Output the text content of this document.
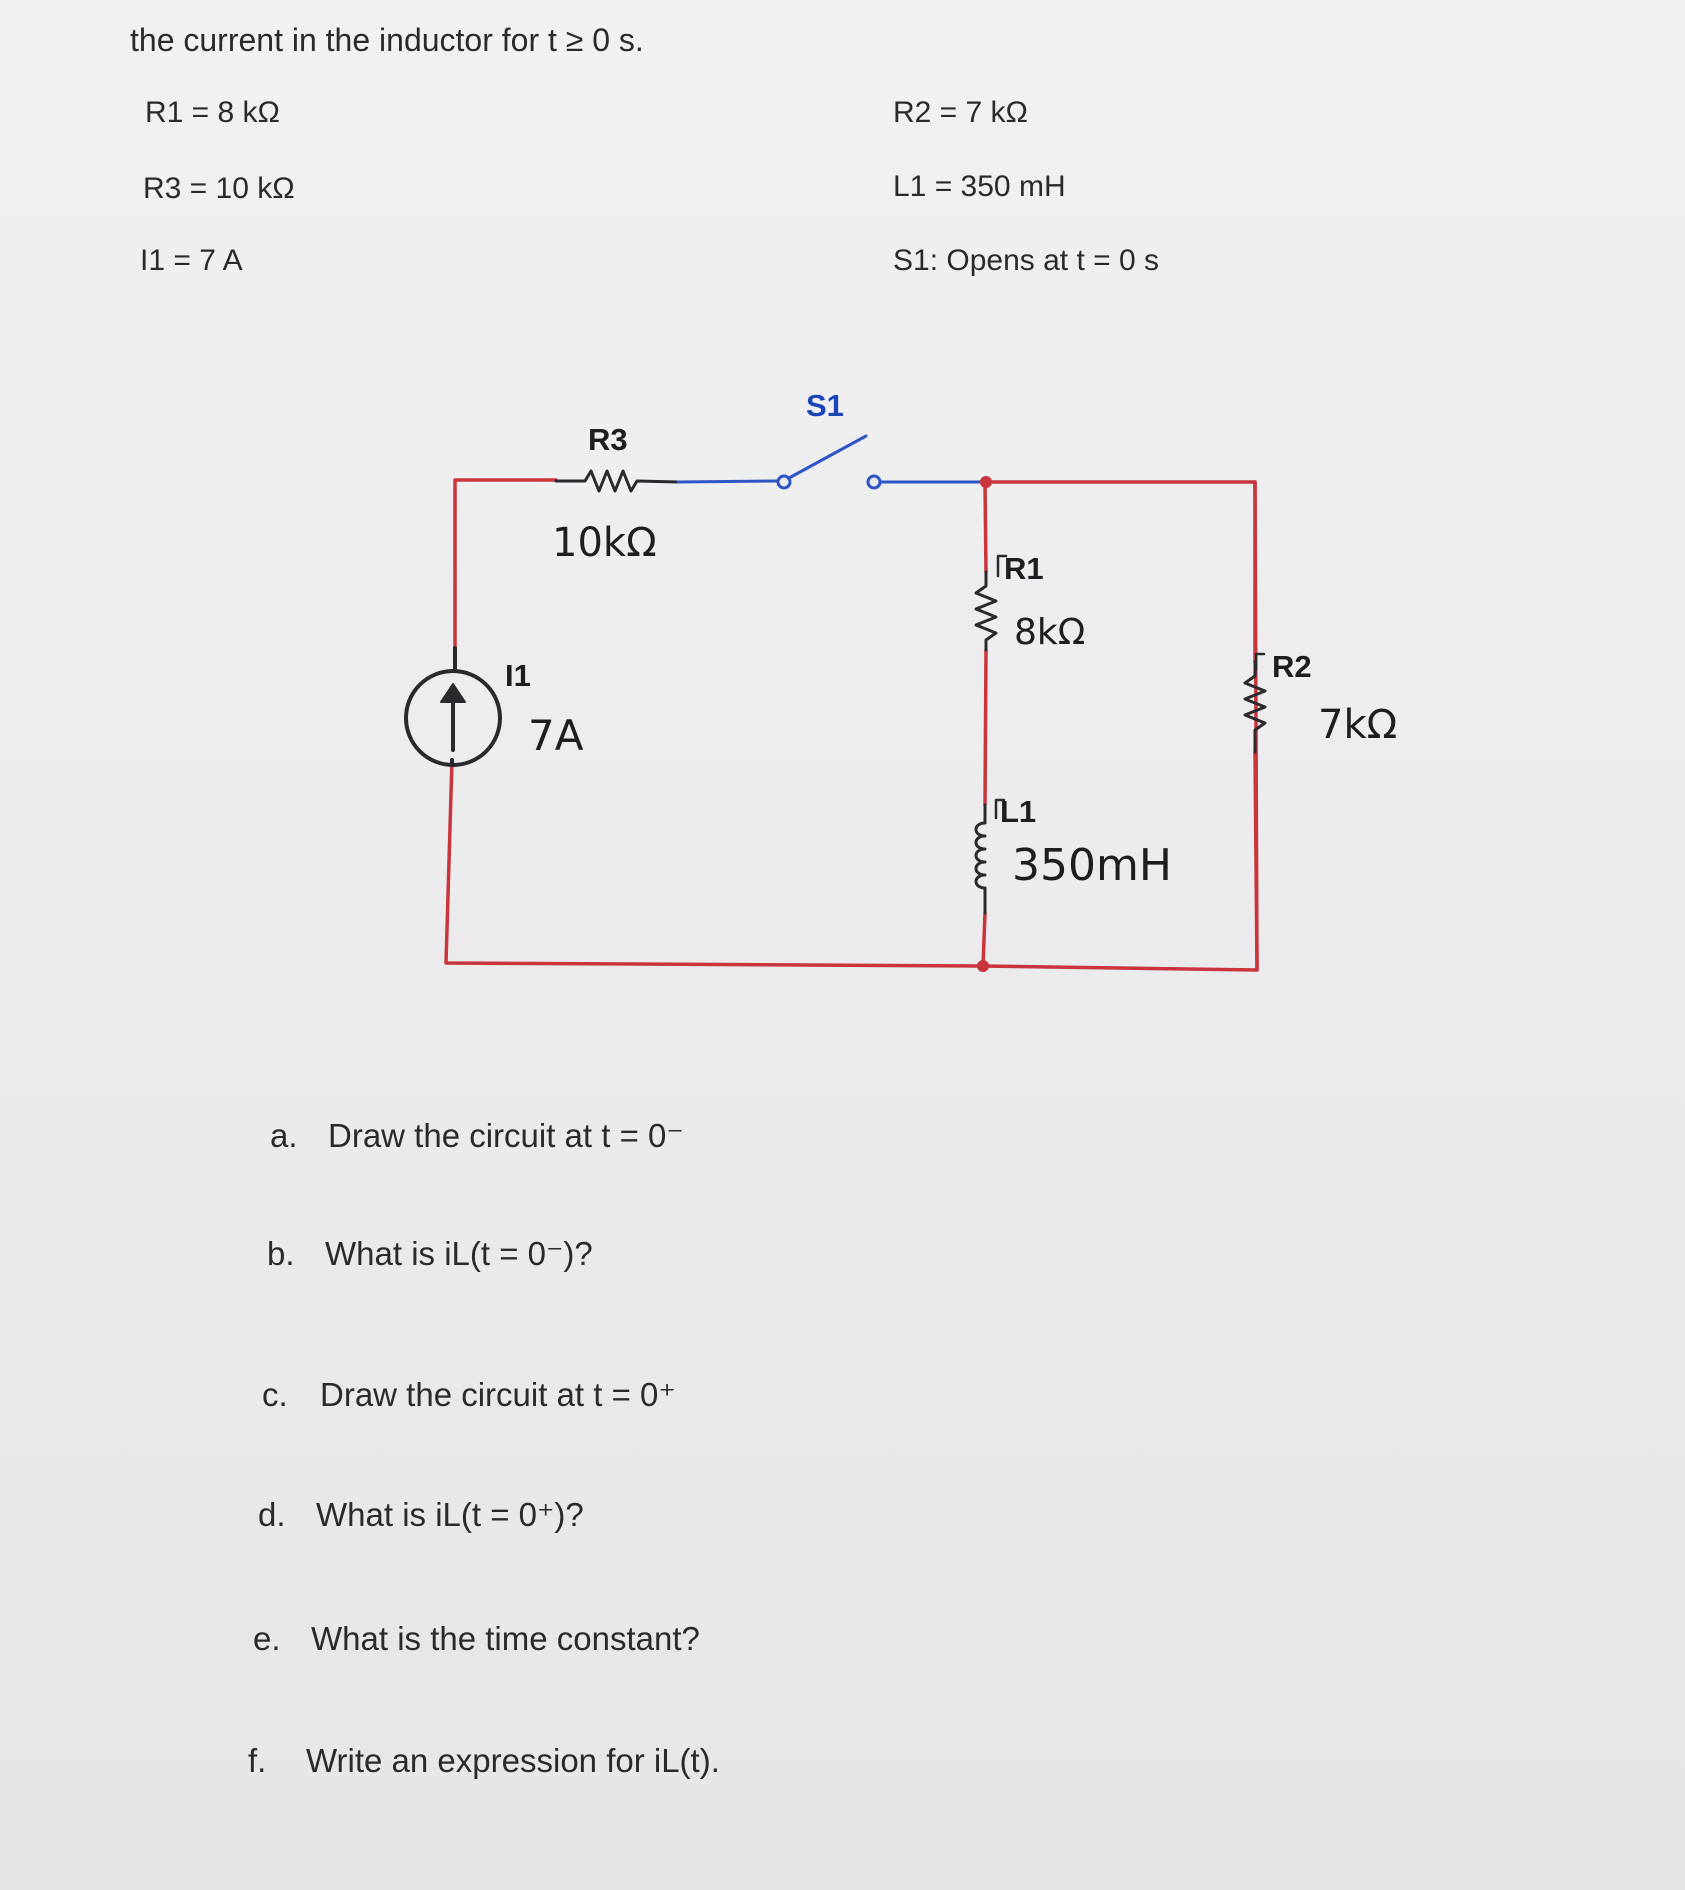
the current in the inductor for t ≥ 0 s.
R1 = 8 kΩ	R2 = 7 kΩ
R3 = 10 kΩ	L1 = 350 mH
I1 = 7 A	S1: Opens at t = 0 s
R3
S1
R1
R2
L1
I1
10kΩ
8kΩ
7kΩ
7A
350mH
a. Draw the circuit at t = 0⁻
b. What is iL(t = 0⁻)?
c. Draw the circuit at t = 0⁺
d. What is iL(t = 0⁺)?
e. What is the time constant?
f. Write an expression for iL(t).
